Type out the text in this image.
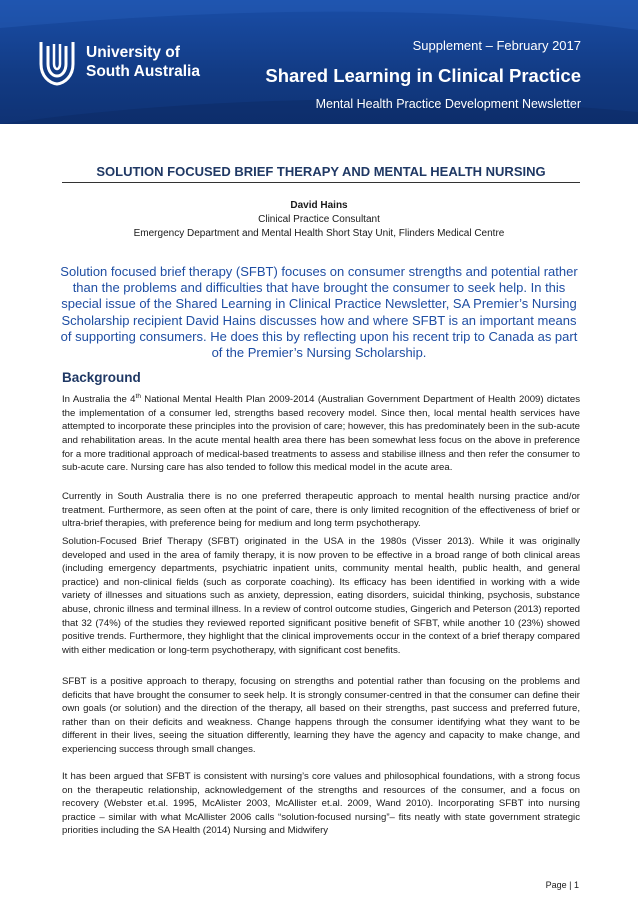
University of
South Australia
Supplement – February 2017
Shared Learning in Clinical Practice
Mental Health Practice Development Newsletter
SOLUTION FOCUSED BRIEF THERAPY AND MENTAL HEALTH NURSING
David Hains
Clinical Practice Consultant
Emergency Department and Mental Health Short Stay Unit, Flinders Medical Centre
Solution focused brief therapy (SFBT) focuses on consumer strengths and potential rather than the problems and difficulties that have brought the consumer to seek help. In this special issue of the Shared Learning in Clinical Practice Newsletter, SA Premier’s Nursing Scholarship recipient David Hains discusses how and where SFBT is an important means of supporting consumers. He does this by reflecting upon his recent trip to Canada as part of the Premier’s Nursing Scholarship.
Background
In Australia the 4th National Mental Health Plan 2009-2014 (Australian Government Department of Health 2009) dictates the implementation of a consumer led, strengths based recovery model. Since then, local mental health services have attempted to incorporate these principles into the provision of care; however, this has predominately been in the sub-acute and rehabilitation areas. In the acute mental health area there has been somewhat less focus on the above in preference for a more traditional approach of medical-based treatments to assess and stabilise illness and then refer the consumer to sub-acute care. Nursing care has also tended to follow this medical model in the acute area.
Currently in South Australia there is no one preferred therapeutic approach to mental health nursing practice and/or treatment. Furthermore, as seen often at the point of care, there is only limited recognition of the effectiveness of brief or ultra-brief therapies, with preference being for medium and long term psychotherapy.
Solution-Focused Brief Therapy (SFBT) originated in the USA in the 1980s (Visser 2013). While it was originally developed and used in the area of family therapy, it is now proven to be effective in a broad range of both clinical areas (including emergency departments, psychiatric inpatient units, community mental health, public health, and general practice) and non-clinical fields (such as corporate coaching). Its efficacy has been identified in working with a wide variety of illnesses and situations such as anxiety, depression, eating disorders, suicidal thinking, psychosis, substance abuse, chronic illness and terminal illness. In a review of control outcome studies, Gingerich and Peterson (2013) reported that 32 (74%) of the studies they reviewed reported significant positive benefit of SFBT, while another 10 (23%) showed positive trends. Furthermore, they highlight that the clinical improvements occur in the context of a brief therapy compared with either medication or long-term psychotherapy, with significant cost benefits.
SFBT is a positive approach to therapy, focusing on strengths and potential rather than focusing on the problems and deficits that have brought the consumer to seek help. It is strongly consumer-centred in that the consumer can define their own goals (or solution) and the direction of the therapy, all based on their strengths, past success and preferred future, rather than on their deficits and weakness. Change happens through the consumer identifying what they want to be different in their lives, seeing the situation differently, learning they have the agency and capacity to make change, and experiencing success through small changes.
It has been argued that SFBT is consistent with nursing’s core values and philosophical foundations, with a strong focus on the therapeutic relationship, acknowledgement of the strengths and resources of the consumer, and a focus on recovery (Webster et.al. 1995, McAlister 2003, McAllister et.al. 2009, Wand 2010). Incorporating SFBT into nursing practice – similar with what McAllister 2006 calls “solution-focused nursing”– fits neatly with state government strategic priorities including the SA Health (2014) Nursing and Midwifery
Page | 1
